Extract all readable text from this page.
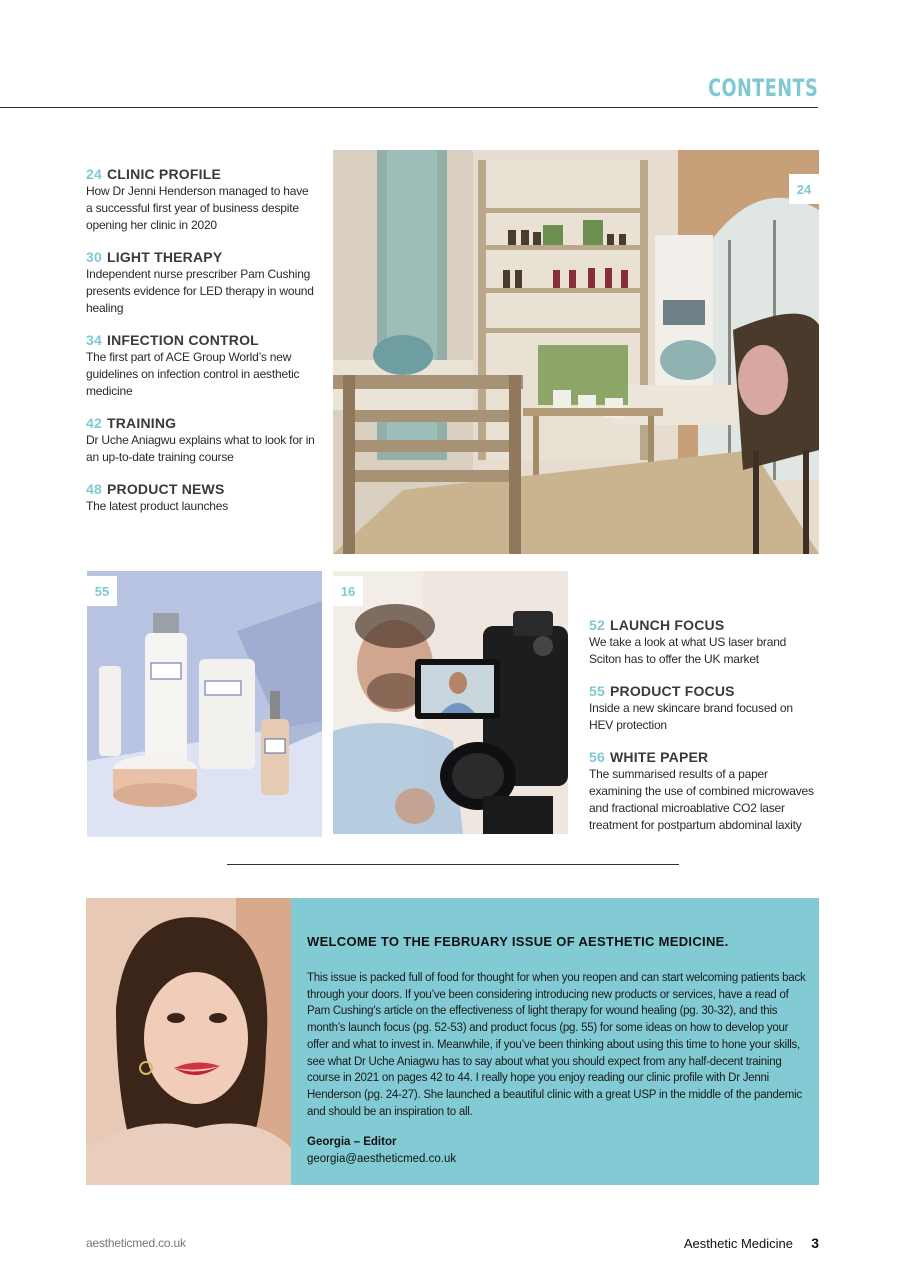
CONTENTS
24 CLINIC PROFILE
How Dr Jenni Henderson managed to have a successful first year of business despite opening her clinic in 2020
30 LIGHT THERAPY
Independent nurse prescriber Pam Cushing presents evidence for LED therapy in wound healing
34 INFECTION CONTROL
The first part of ACE Group World’s new guidelines on infection control in aesthetic medicine
42 TRAINING
Dr Uche Aniagwu explains what to look for in an up-to-date training course
48 PRODUCT NEWS
The latest product launches
24
55	16
52 LAUNCH FOCUS
We take a look at what US laser brand Sciton has to offer the UK market
55 PRODUCT FOCUS
Inside a new skincare brand focused on HEV protection
56 WHITE PAPER
The summarised results of a paper examining the use of combined microwaves and fractional microablative CO2 laser treatment for postpartum abdominal laxity
WELCOME TO THE FEBRUARY ISSUE OF AESTHETIC MEDICINE.
This issue is packed full of food for thought for when you reopen and can start welcoming patients back through your doors. If you’ve been considering introducing new products or services, have a read of Pam Cushing’s article on the effectiveness of light therapy for wound healing (pg. 30-32), and this month’s launch focus (pg. 52-53) and product focus (pg. 55) for some ideas on how to develop your offer and what to invest in. Meanwhile, if you’ve been thinking about using this time to hone your skills, see what Dr Uche Aniagwu has to say about what you should expect from any half-decent training course in 2021 on pages 42 to 44. I really hope you enjoy reading our clinic profile with Dr Jenni Henderson (pg. 24-27). She launched a beautiful clinic with a great USP in the middle of the pandemic and should be an inspiration to all.
Georgia – Editor
georgia@aestheticmed.co.uk
aestheticmed.co.uk	Aesthetic Medicine 3
